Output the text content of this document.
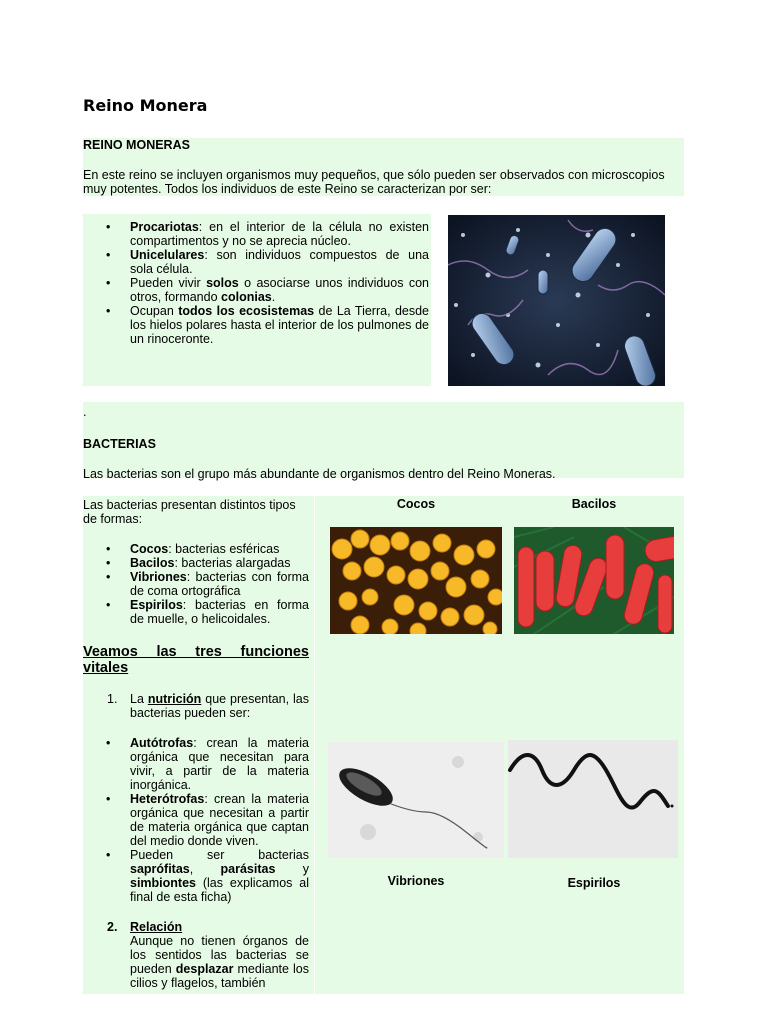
Reino Monera

REINO MONERAS

En este reino se incluyen organismos muy pequeños, que sólo pueden ser observados con microscopios muy potentes. Todos los individuos de este Reino se caracterizan por ser:

• Procariotas: en el interior de la célula no existen compartimentos y no se aprecia núcleo.
• Unicelulares: son individuos compuestos de una sola célula.
• Pueden vivir solos o asociarse unos individuos con otros, formando colonias.
• Ocupan todos los ecosistemas de La Tierra, desde los hielos polares hasta el interior de los pulmones de un rinoceronte.

.

BACTERIAS

Las bacterias son el grupo más abundante de organismos dentro del Reino Moneras.

Las bacterias presentan distintos tipos de formas:

• Cocos: bacterias esféricas
• Bacilos: bacterias alargadas
• Vibriones: bacterias con forma de coma ortográfica
• Espirilos: bacterias en forma de muelle, o helicoidales.

Veamos las tres funciones vitales

1. La nutrición que presentan, las bacterias pueden ser:
• Autótrofas: crean la materia orgánica que necesitan para vivir, a partir de la materia inorgánica.
• Heterótrofas: crean la materia orgánica que necesitan a partir de materia orgánica que captan del medio donde viven.
• Pueden ser bacterias saprófitas, parásitas y simbiontes (las explicamos al final de esta ficha)
2. Relación
Aunque no tienen órganos de los sentidos las bacterias se pueden desplazar mediante los cilios y flagelos, también
Cocos	Bacilos
Vibriones	Espirilos
